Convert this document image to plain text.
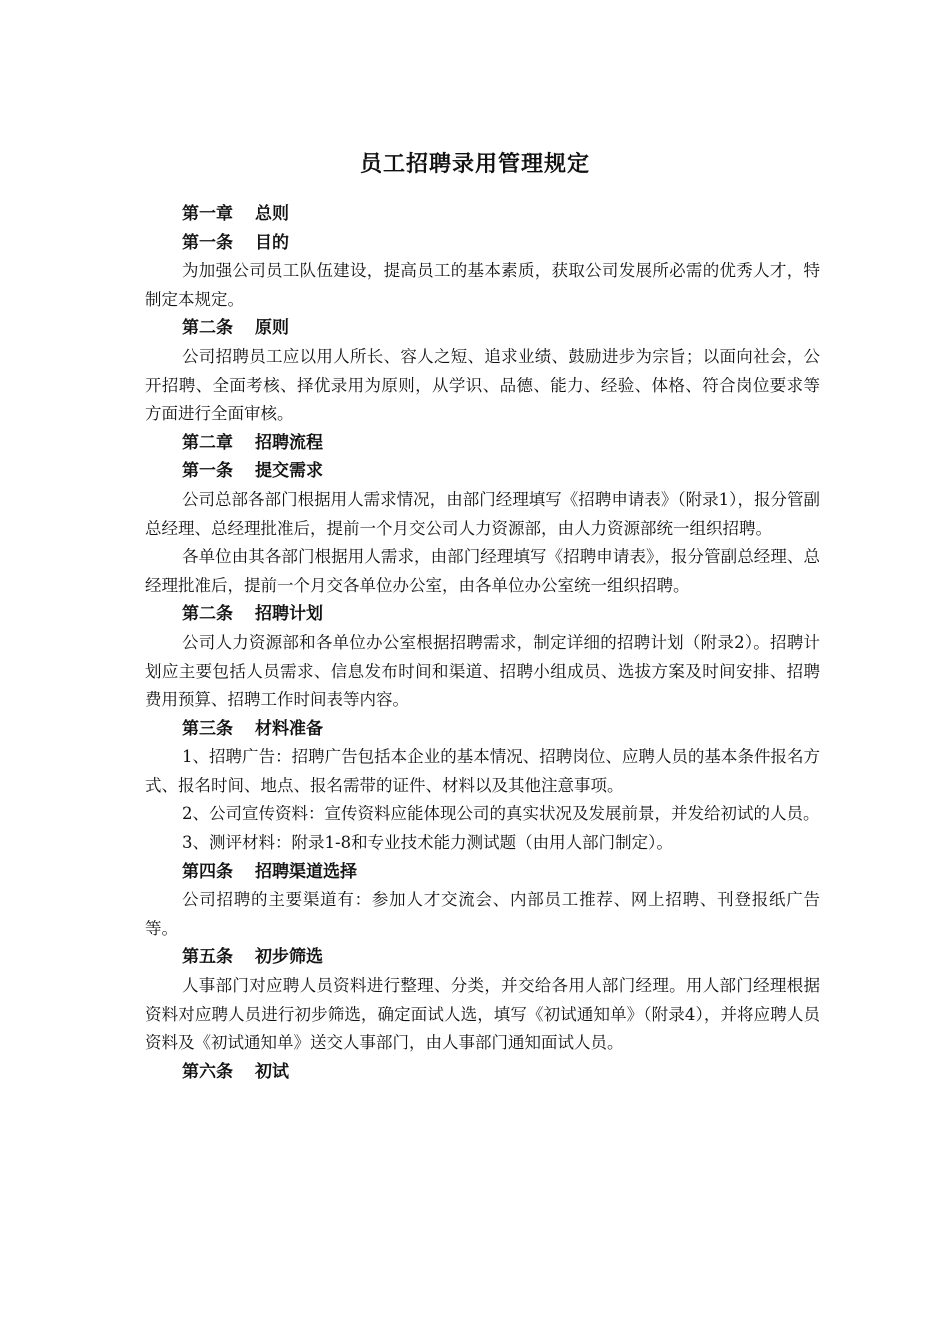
员工招聘录用管理规定
第一章 总则
第一条 目的

为加强公司员工队伍建设，提高员工的基本素质，获取公司发展所必需的优秀人才，特制定本规定。

第二条 原则

公司招聘员工应以用人所长、容人之短、追求业绩、鼓励进步为宗旨；以面向社会，公开招聘、全面考核、择优录用为原则，从学识、品德、能力、经验、体格、符合岗位要求等方面进行全面审核。

第二章 招聘流程
第一条 提交需求

公司总部各部门根据用人需求情况，由部门经理填写《招聘申请表》（附录1），报分管副总经理、总经理批准后，提前一个月交公司人力资源部，由人力资源部统一组织招聘。

各单位由其各部门根据用人需求，由部门经理填写《招聘申请表》，报分管副总经理、总经理批准后，提前一个月交各单位办公室，由各单位办公室统一组织招聘。

第二条 招聘计划

公司人力资源部和各单位办公室根据招聘需求，制定详细的招聘计划（附录2）。招聘计划应主要包括人员需求、信息发布时间和渠道、招聘小组成员、选拔方案及时间安排、招聘费用预算、招聘工作时间表等内容。

第三条 材料准备

1、招聘广告：招聘广告包括本企业的基本情况、招聘岗位、应聘人员的基本条件报名方式、报名时间、地点、报名需带的证件、材料以及其他注意事项。

2、公司宣传资料：宣传资料应能体现公司的真实状况及发展前景，并发给初试的人员。

3、测评材料：附录1-8和专业技术能力测试题（由用人部门制定）。

第四条 招聘渠道选择

公司招聘的主要渠道有：参加人才交流会、内部员工推荐、网上招聘、刊登报纸广告等。

第五条 初步筛选

人事部门对应聘人员资料进行整理、分类，并交给各用人部门经理。用人部门经理根据资料对应聘人员进行初步筛选，确定面试人选，填写《初试通知单》（附录4），并将应聘人员资料及《初试通知单》送交人事部门，由人事部门通知面试人员。

第六条 初试
